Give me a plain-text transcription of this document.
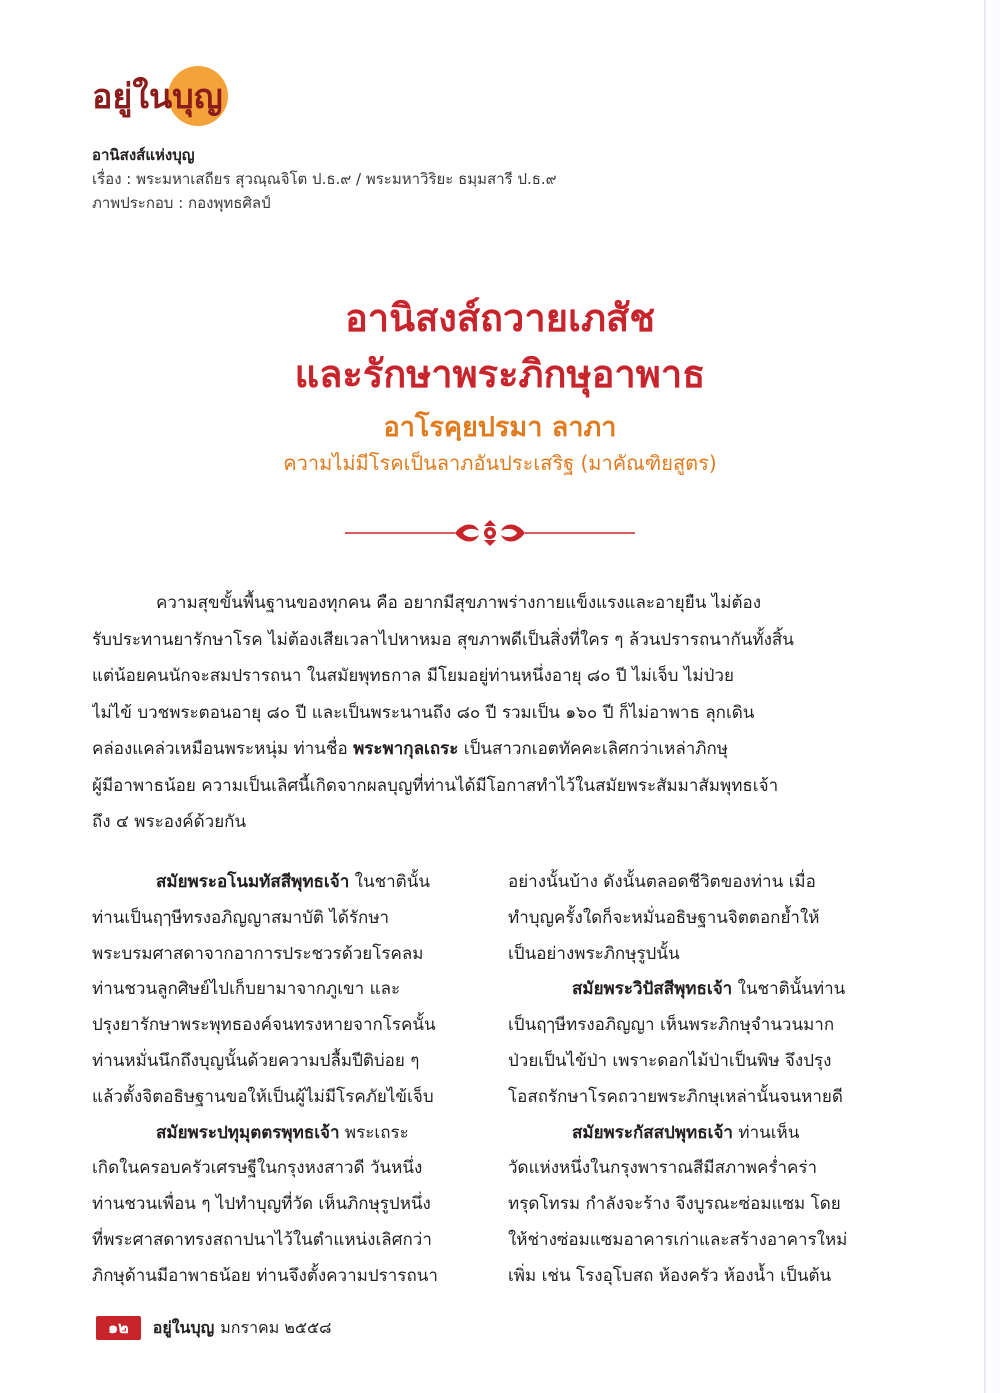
อยู่ในบุญ
อานิสงส์แห่งบุญ
เรื่อง : พระมหาเสถียร สุวณฺณจิโต ป.ธ.๙ / พระมหาวิริยะ ธมฺมสารี ป.ธ.๙
ภาพประกอบ : กองพุทธศิลป์
อานิสงส์ถวายเภสัช
และรักษาพระภิกษุอาพาธ
อาโรคฺยปรมา ลาภา
ความไม่มีโรคเป็นลาภอันประเสริฐ (มาคัณฑิยสูตร)
ความสุขขั้นพื้นฐานของทุกคน คือ อยากมีสุขภาพร่างกายแข็งแรงและอายุยืน ไม่ต้อง
รับประทานยารักษาโรค ไม่ต้องเสียเวลาไปหาหมอ สุขภาพดีเป็นสิ่งที่ใคร ๆ ล้วนปรารถนากันทั้งสิ้น
แต่น้อยคนนักจะสมปรารถนา ในสมัยพุทธกาล มีโยมอยู่ท่านหนึ่งอายุ ๘๐ ปี ไม่เจ็บ ไม่ป่วย
ไม่ไข้ บวชพระตอนอายุ ๘๐ ปี และเป็นพระนานถึง ๘๐ ปี รวมเป็น ๑๖๐ ปี ก็ไม่อาพาธ ลุกเดิน
คล่องแคล่วเหมือนพระหนุ่ม ท่านชื่อ พระพากุลเถระ เป็นสาวกเอตทัคคะเลิศกว่าเหล่าภิกษุ
ผู้มีอาพาธน้อย ความเป็นเลิศนี้เกิดจากผลบุญที่ท่านได้มีโอกาสทำไว้ในสมัยพระสัมมาสัมพุทธเจ้า
ถึง ๔ พระองค์ด้วยกัน
สมัยพระอโนมทัสสีพุทธเจ้า ในชาตินั้น
ท่านเป็นฤๅษีทรงอภิญญาสมาบัติ ได้รักษา
พระบรมศาสดาจากอาการประชวรด้วยโรคลม
ท่านชวนลูกศิษย์ไปเก็บยามาจากภูเขา และ
ปรุงยารักษาพระพุทธองค์จนทรงหายจากโรคนั้น
ท่านหมั่นนึกถึงบุญนั้นด้วยความปลื้มปีติบ่อย ๆ
แล้วตั้งจิตอธิษฐานขอให้เป็นผู้ไม่มีโรคภัยไข้เจ็บ
สมัยพระปทุมุตตรพุทธเจ้า พระเถระ
เกิดในครอบครัวเศรษฐีในกรุงหงสาวดี วันหนึ่ง
ท่านชวนเพื่อน ๆ ไปทำบุญที่วัด เห็นภิกษุรูปหนึ่ง
ที่พระศาสดาทรงสถาปนาไว้ในตำแหน่งเลิศกว่า
ภิกษุด้านมีอาพาธน้อย ท่านจึงตั้งความปรารถนา
อย่างนั้นบ้าง ดังนั้นตลอดชีวิตของท่าน เมื่อ
ทำบุญครั้งใดก็จะหมั่นอธิษฐานจิตตอกย้ำให้
เป็นอย่างพระภิกษุรูปนั้น
สมัยพระวิปัสสีพุทธเจ้า ในชาตินั้นท่าน
เป็นฤๅษีทรงอภิญญา เห็นพระภิกษุจำนวนมาก
ป่วยเป็นไข้ป่า เพราะดอกไม้ป่าเป็นพิษ จึงปรุง
โอสถรักษาโรคถวายพระภิกษุเหล่านั้นจนหายดี
สมัยพระกัสสปพุทธเจ้า ท่านเห็น
วัดแห่งหนึ่งในกรุงพาราณสีมีสภาพคร่ำคร่า
ทรุดโทรม กำลังจะร้าง จึงบูรณะซ่อมแซม โดย
ให้ช่างซ่อมแซมอาคารเก่าและสร้างอาคารใหม่
เพิ่ม เช่น โรงอุโบสถ ห้องครัว ห้องน้ำ เป็นต้น
๑๒	อยู่ในบุญ มกราคม ๒๕๕๘
